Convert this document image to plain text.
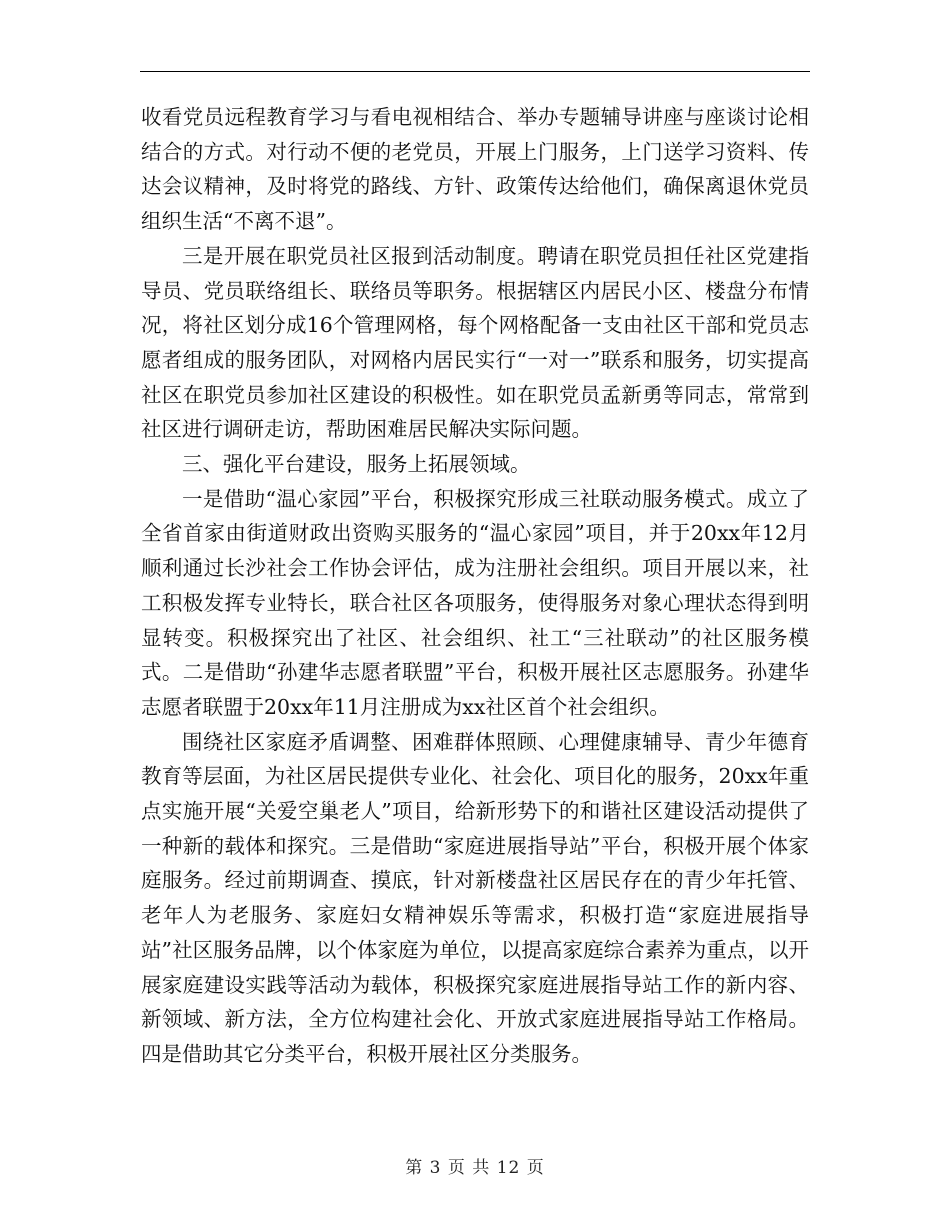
收看党员远程教育学习与看电视相结合、举办专题辅导讲座与座谈讨论相结合的方式。对行动不便的老党员，开展上门服务，上门送学习资料、传达会议精神，及时将党的路线、方针、政策传达给他们，确保离退休党员组织生活“不离不退”。

三是开展在职党员社区报到活动制度。聘请在职党员担任社区党建指导员、党员联络组长、联络员等职务。根据辖区内居民小区、楼盘分布情况，将社区划分成16个管理网格，每个网格配备一支由社区干部和党员志愿者组成的服务团队，对网格内居民实行“一对一”联系和服务，切实提高社区在职党员参加社区建设的积极性。如在职党员孟新勇等同志，常常到社区进行调研走访，帮助困难居民解决实际问题。

三、强化平台建设，服务上拓展领域。

一是借助“温心家园”平台，积极探究形成三社联动服务模式。成立了全省首家由街道财政出资购买服务的“温心家园”项目，并于20xx年12月顺利通过长沙社会工作协会评估，成为注册社会组织。项目开展以来，社工积极发挥专业特长，联合社区各项服务，使得服务对象心理状态得到明显转变。积极探究出了社区、社会组织、社工“三社联动”的社区服务模式。二是借助“孙建华志愿者联盟”平台，积极开展社区志愿服务。孙建华志愿者联盟于20xx年11月注册成为xx社区首个社会组织。

围绕社区家庭矛盾调整、困难群体照顾、心理健康辅导、青少年德育教育等层面，为社区居民提供专业化、社会化、项目化的服务，20xx年重点实施开展“关爱空巢老人”项目，给新形势下的和谐社区建设活动提供了一种新的载体和探究。三是借助“家庭进展指导站”平台，积极开展个体家庭服务。经过前期调查、摸底，针对新楼盘社区居民存在的青少年托管、老年人为老服务、家庭妇女精神娱乐等需求，积极打造“家庭进展指导站”社区服务品牌，以个体家庭为单位，以提高家庭综合素养为重点，以开展家庭建设实践等活动为载体，积极探究家庭进展指导站工作的新内容、新领域、新方法，全方位构建社会化、开放式家庭进展指导站工作格局。四是借助其它分类平台，积极开展社区分类服务。

第 3 页 共 12 页
